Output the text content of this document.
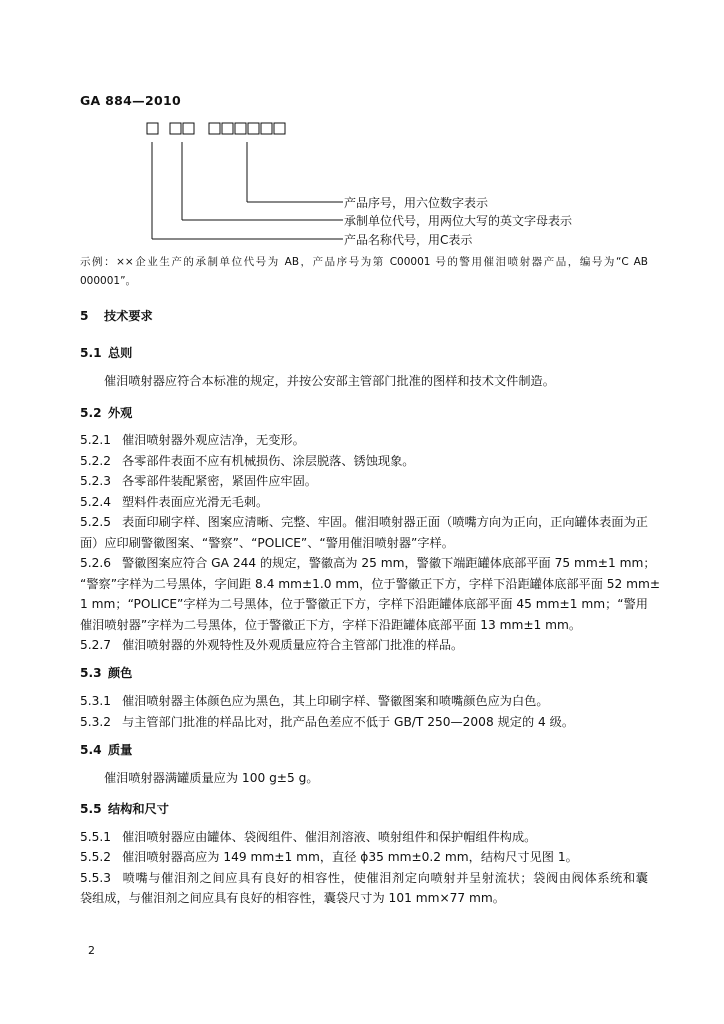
GA 884—2010
产品序号，用六位数字表示
承制单位代号，用两位大写的英文字母表示
产品名称代号，用C表示
示例：××企业生产的承制单位代号为 AB，产品序号为第 C00001 号的警用催泪喷射器产品，编号为“C AB
000001”。
5 技术要求
5.1 总则
催泪喷射器应符合本标准的规定，并按公安部主管部门批准的图样和技术文件制造。
5.2 外观
5.2.1 催泪喷射器外观应洁净，无变形。
5.2.2 各零部件表面不应有机械损伤、涂层脱落、锈蚀现象。
5.2.3 各零部件装配紧密，紧固件应牢固。
5.2.4 塑料件表面应光滑无毛刺。
5.2.5 表面印刷字样、图案应清晰、完整、牢固。催泪喷射器正面（喷嘴方向为正向，正向罐体表面为正
面）应印刷警徽图案、“警察”、“POLICE”、“警用催泪喷射器”字样。
5.2.6 警徽图案应符合 GA 244 的规定，警徽高为 25 mm，警徽下端距罐体底部平面 75 mm±1 mm；
“警察”字样为二号黑体，字间距 8.4 mm±1.0 mm，位于警徽正下方，字样下沿距罐体底部平面 52 mm±
1 mm；“POLICE”字样为二号黑体，位于警徽正下方，字样下沿距罐体底部平面 45 mm±1 mm；“警用
催泪喷射器”字样为二号黑体，位于警徽正下方，字样下沿距罐体底部平面 13 mm±1 mm。
5.2.7 催泪喷射器的外观特性及外观质量应符合主管部门批准的样品。
5.3 颜色
5.3.1 催泪喷射器主体颜色应为黑色，其上印刷字样、警徽图案和喷嘴颜色应为白色。
5.3.2 与主管部门批准的样品比对，批产品色差应不低于 GB/T 250—2008 规定的 4 级。
5.4 质量
催泪喷射器满罐质量应为 100 g±5 g。
5.5 结构和尺寸
5.5.1 催泪喷射器应由罐体、袋阀组件、催泪剂溶液、喷射组件和保护帽组件构成。
5.5.2 催泪喷射器高应为 149 mm±1 mm，直径 ϕ35 mm±0.2 mm，结构尺寸见图 1。
5.5.3 喷嘴与催泪剂之间应具有良好的相容性，使催泪剂定向喷射并呈射流状；袋阀由阀体系统和囊
袋组成，与催泪剂之间应具有良好的相容性，囊袋尺寸为 101 mm×77 mm。
2
